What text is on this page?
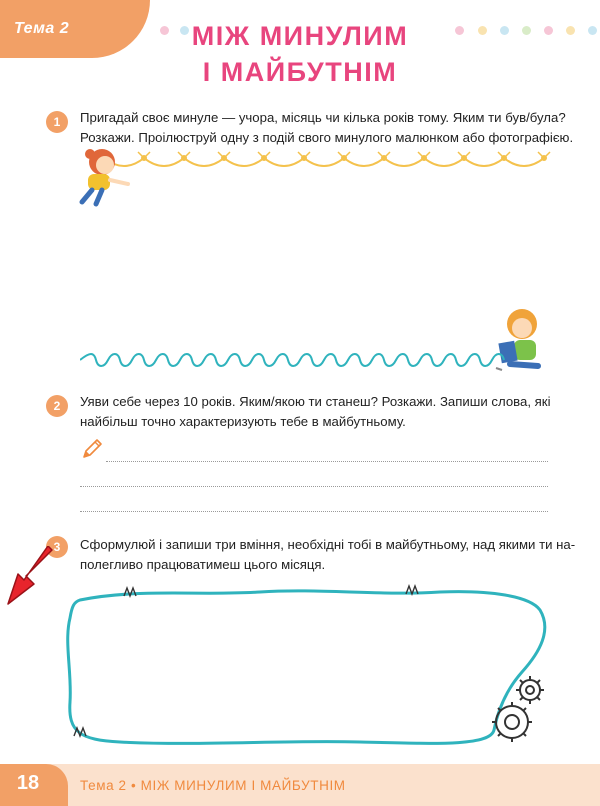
Тема 2	МІЖ МИНУЛИМ
І МАЙБУТНІМ
1	Пригадай своє минуле — учора, місяць чи кілька років тому. Яким ти був/була?
Розкажи. Проілюструй одну з подій свого минулого малюнком або фотографією.
2	Уяви себе через 10 років. Яким/якою ти станеш? Розкажи. Запиши слова, які
найбільш точно характеризують тебе в майбутньому.
3	Сформулюй і запиши три вміння, необхідні тобі в майбутньому, над якими ти на-
полегливо працюватимеш цього місяця.
18	Тема 2 • МІЖ МИНУЛИМ І МАЙБУТНІМ
